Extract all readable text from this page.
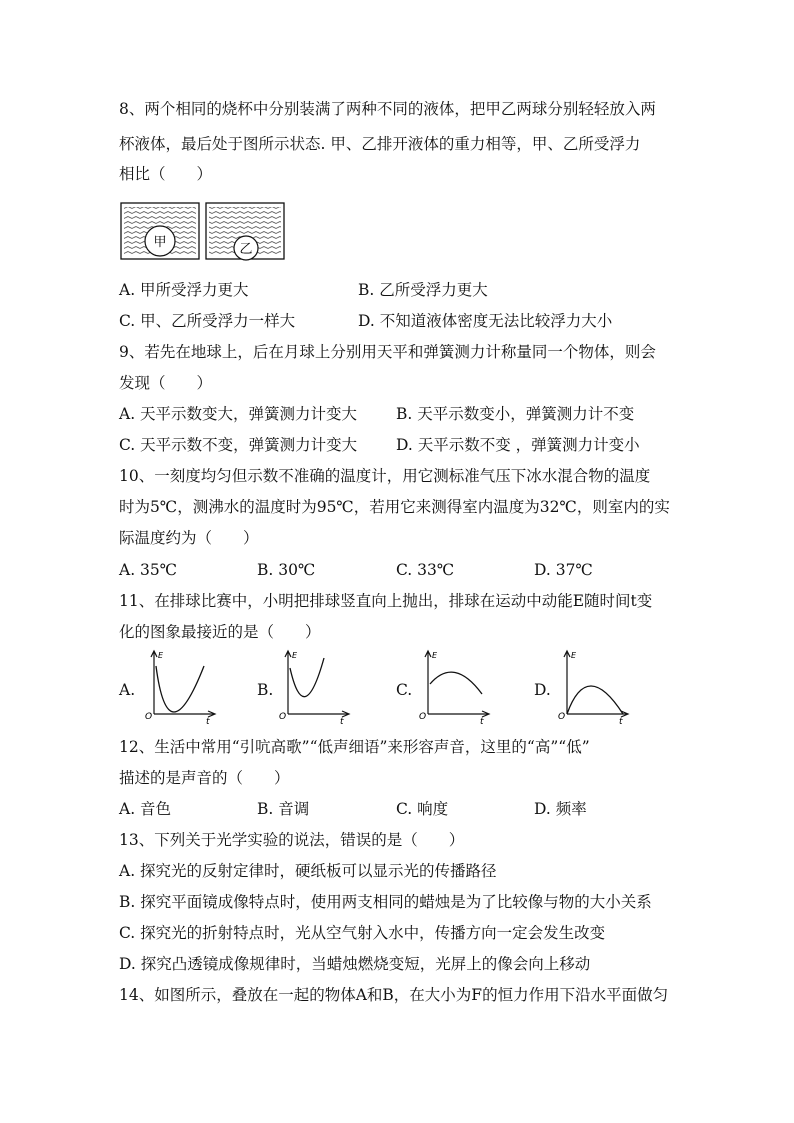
8、两个相同的烧杯中分别装满了两种不同的液体，把甲乙两球分别轻轻放入两
杯液体，最后处于图所示状态. 甲、乙排开液体的重力相等，甲、乙所受浮力
相比（　　）
甲	乙
A. 甲所受浮力更大	B. 乙所受浮力更大
C. 甲、乙所受浮力一样大	D. 不知道液体密度无法比较浮力大小
9、若先在地球上，后在月球上分别用天平和弹簧测力计称量同一个物体，则会
发现（　　）
A. 天平示数变大，弹簧测力计变大	B. 天平示数变小，弹簧测力计不变
C. 天平示数不变，弹簧测力计变大	D. 天平示数不变 ，弹簧测力计变小
10、一刻度均匀但示数不准确的温度计，用它测标准气压下冰水混合物的温度
时为5℃，测沸水的温度时为95℃，若用它来测得室内温度为32℃，则室内的实
际温度约为（　　）
A. 35℃	B. 30℃	C. 33℃	D. 37℃
11、在排球比赛中，小明把排球竖直向上抛出，排球在运动中动能E随时间t变
化的图象最接近的是（　　）
A.	B.	C.	D.
E
t
O
E
t
O
E
t
O
E
t
O
12、生活中常用“引吭高歌”“低声细语”来形容声音，这里的“高”“低”
描述的是声音的（　　）
A. 音色	B. 音调	C. 响度	D. 频率
13、下列关于光学实验的说法，错误的是（　　）
A. 探究光的反射定律时，硬纸板可以显示光的传播路径
B. 探究平面镜成像特点时，使用两支相同的蜡烛是为了比较像与物的大小关系
C. 探究光的折射特点时，光从空气射入水中，传播方向一定会发生改变
D. 探究凸透镜成像规律时，当蜡烛燃烧变短，光屏上的像会向上移动
14、如图所示，叠放在一起的物体A和B，在大小为F的恒力作用下沿水平面做匀
